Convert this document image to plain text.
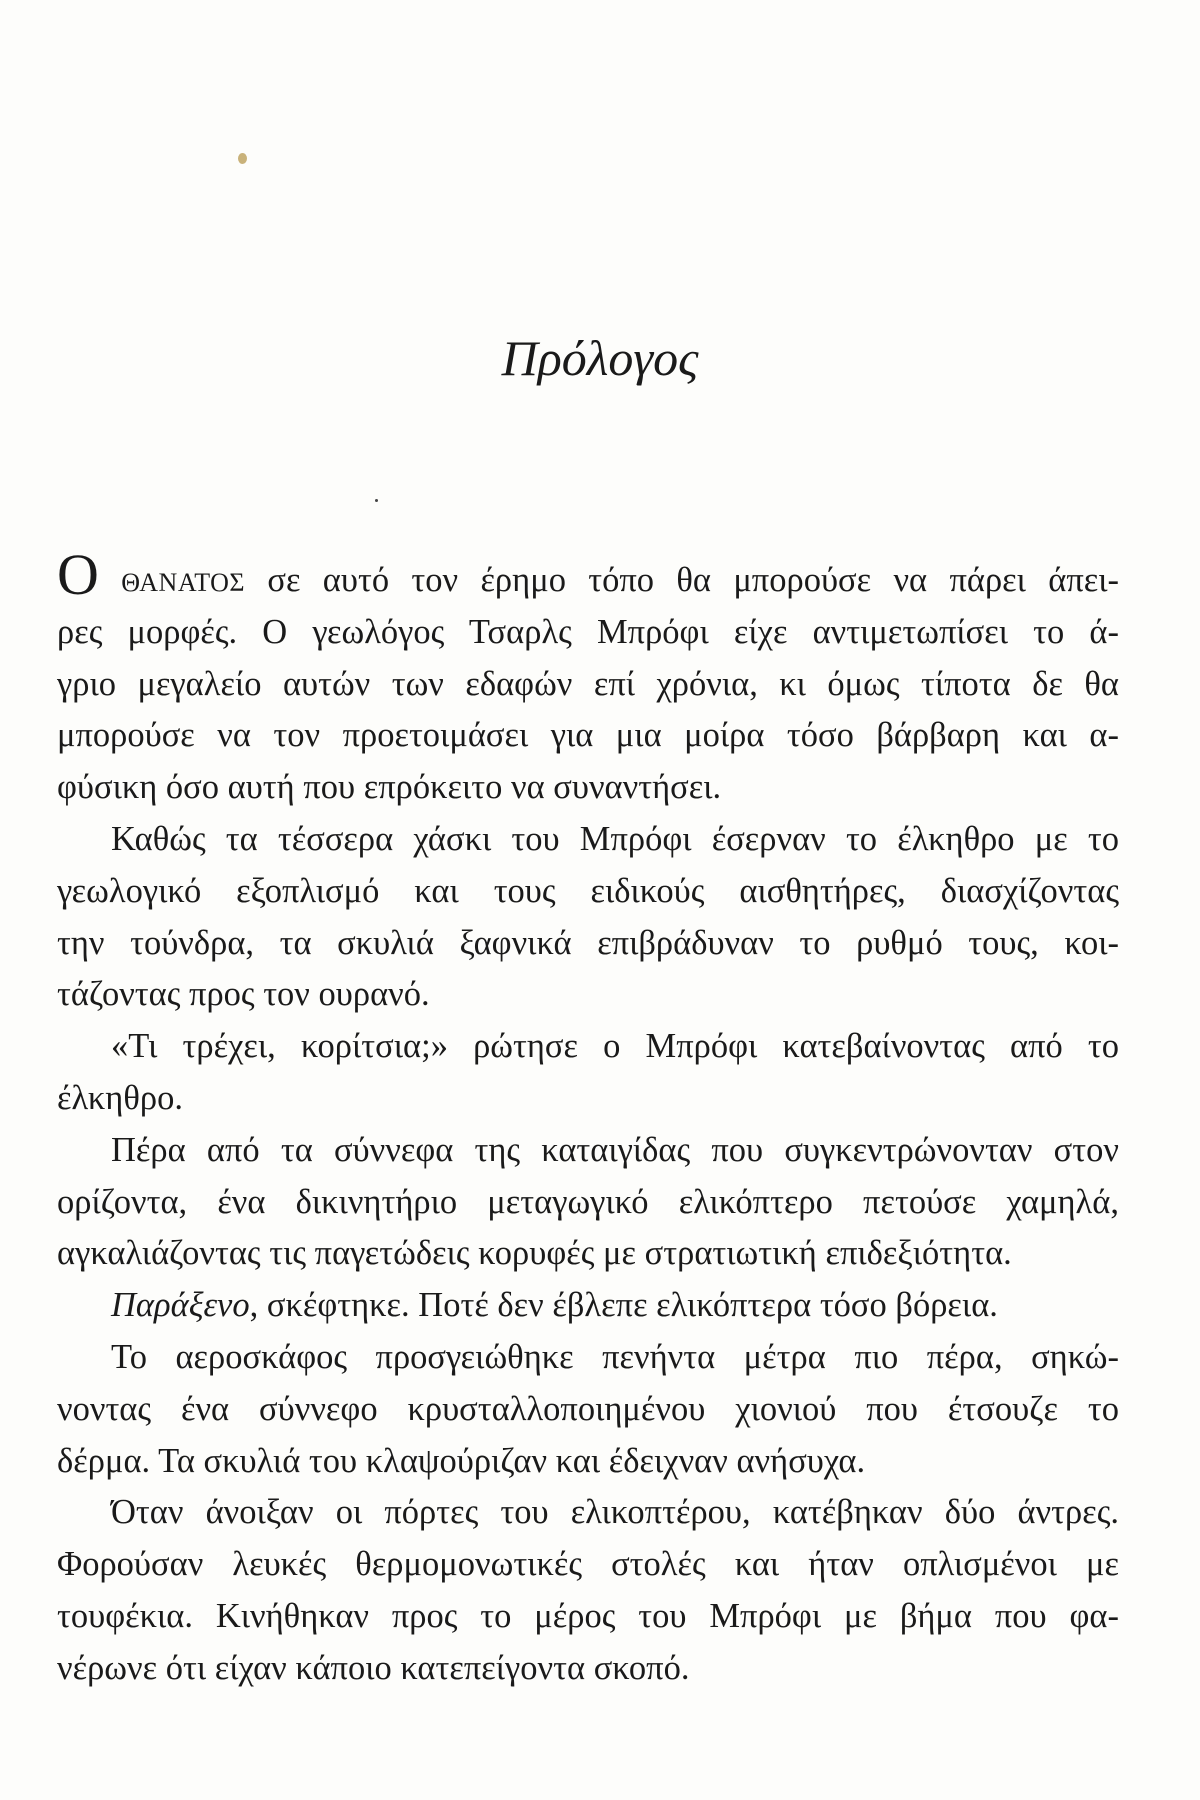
Πρόλογος
Ο ΘΑΝΑΤΟΣ σε αυτό τον έρημο τόπο θα μπορούσε να πάρει άπει-
ρες μορφές. Ο γεωλόγος Τσαρλς Μπρόφι είχε αντιμετωπίσει το ά-
γριο μεγαλείο αυτών των εδαφών επί χρόνια, κι όμως τίποτα δε θα
μπορούσε να τον προετοιμάσει για μια μοίρα τόσο βάρβαρη και α-
φύσικη όσο αυτή που επρόκειτο να συναντήσει.
Καθώς τα τέσσερα χάσκι του Μπρόφι έσερναν το έλκηθρο με το
γεωλογικό εξοπλισμό και τους ειδικούς αισθητήρες, διασχίζοντας
την τούνδρα, τα σκυλιά ξαφνικά επιβράδυναν το ρυθμό τους, κοι-
τάζοντας προς τον ουρανό.
«Τι τρέχει, κορίτσια;» ρώτησε ο Μπρόφι κατεβαίνοντας από το
έλκηθρο.
Πέρα από τα σύννεφα της καταιγίδας που συγκεντρώνονταν στον
ορίζοντα, ένα δικινητήριο μεταγωγικό ελικόπτερο πετούσε χαμηλά,
αγκαλιάζοντας τις παγετώδεις κορυφές με στρατιωτική επιδεξιότητα.
Παράξενο, σκέφτηκε. Ποτέ δεν έβλεπε ελικόπτερα τόσο βόρεια.
Το αεροσκάφος προσγειώθηκε πενήντα μέτρα πιο πέρα, σηκώ-
νοντας ένα σύννεφο κρυσταλλοποιημένου χιονιού που έτσουζε το
δέρμα. Τα σκυλιά του κλαψούριζαν και έδειχναν ανήσυχα.
Όταν άνοιξαν οι πόρτες του ελικοπτέρου, κατέβηκαν δύο άντρες.
Φορούσαν λευκές θερμομονωτικές στολές και ήταν οπλισμένοι με
τουφέκια. Κινήθηκαν προς το μέρος του Μπρόφι με βήμα που φα-
νέρωνε ότι είχαν κάποιο κατεπείγοντα σκοπό.
